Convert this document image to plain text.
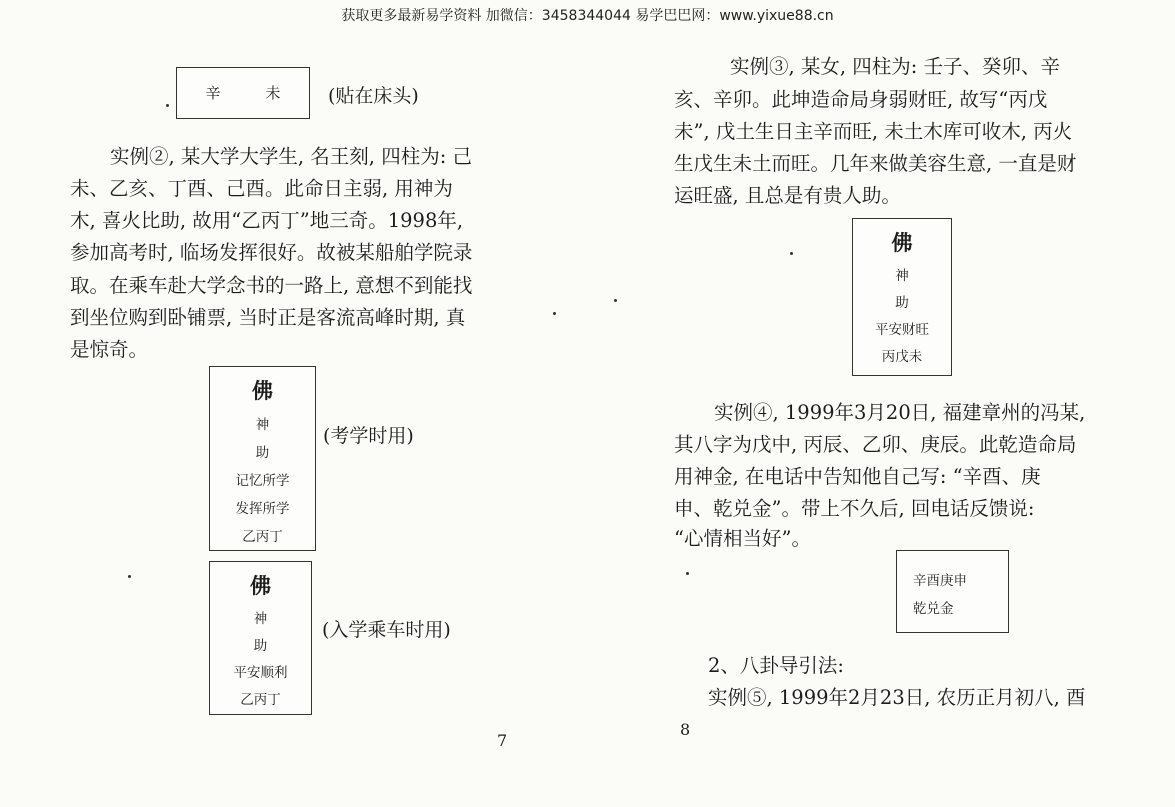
获取更多最新易学资料 加微信：3458344044 易学巴巴网：www.yixue88.cn
辛	未	(贴在床头)
实例②, 某大学大学生, 名王刻, 四柱为: 己
未、乙亥、丁酉、己酉。此命日主弱, 用神为
木, 喜火比助, 故用“乙丙丁”地三奇。1998年,
参加高考时, 临场发挥很好。故被某船舶学院录
取。在乘车赴大学念书的一路上, 意想不到能找
到坐位购到卧铺票, 当时正是客流高峰时期, 真
是惊奇。
佛
神
助
记忆所学
发挥所学
乙丙丁
(考学时用)
佛
神
助
平安顺利
乙丙丁
(入学乘车时用)
7
实例③, 某女, 四柱为: 壬子、癸卯、辛
亥、辛卯。此坤造命局身弱财旺, 故写“丙戊
未”, 戊土生日主辛而旺, 未土木库可收木, 丙火
生戊生未土而旺。几年来做美容生意, 一直是财
运旺盛, 且总是有贵人助。
佛
神
助
平安财旺
丙戊未
实例④, 1999年3月20日, 福建章州的冯某,
其八字为戊中, 丙辰、乙卯、庚辰。此乾造命局
用神金, 在电话中告知他自己写: “辛酉、庚
申、乾兑金”。带上不久后, 回电话反馈说:
“心情相当好”。
辛酉庚申
乾兑金
2、八卦导引法:
实例⑤, 1999年2月23日, 农历正月初八, 酉
8
